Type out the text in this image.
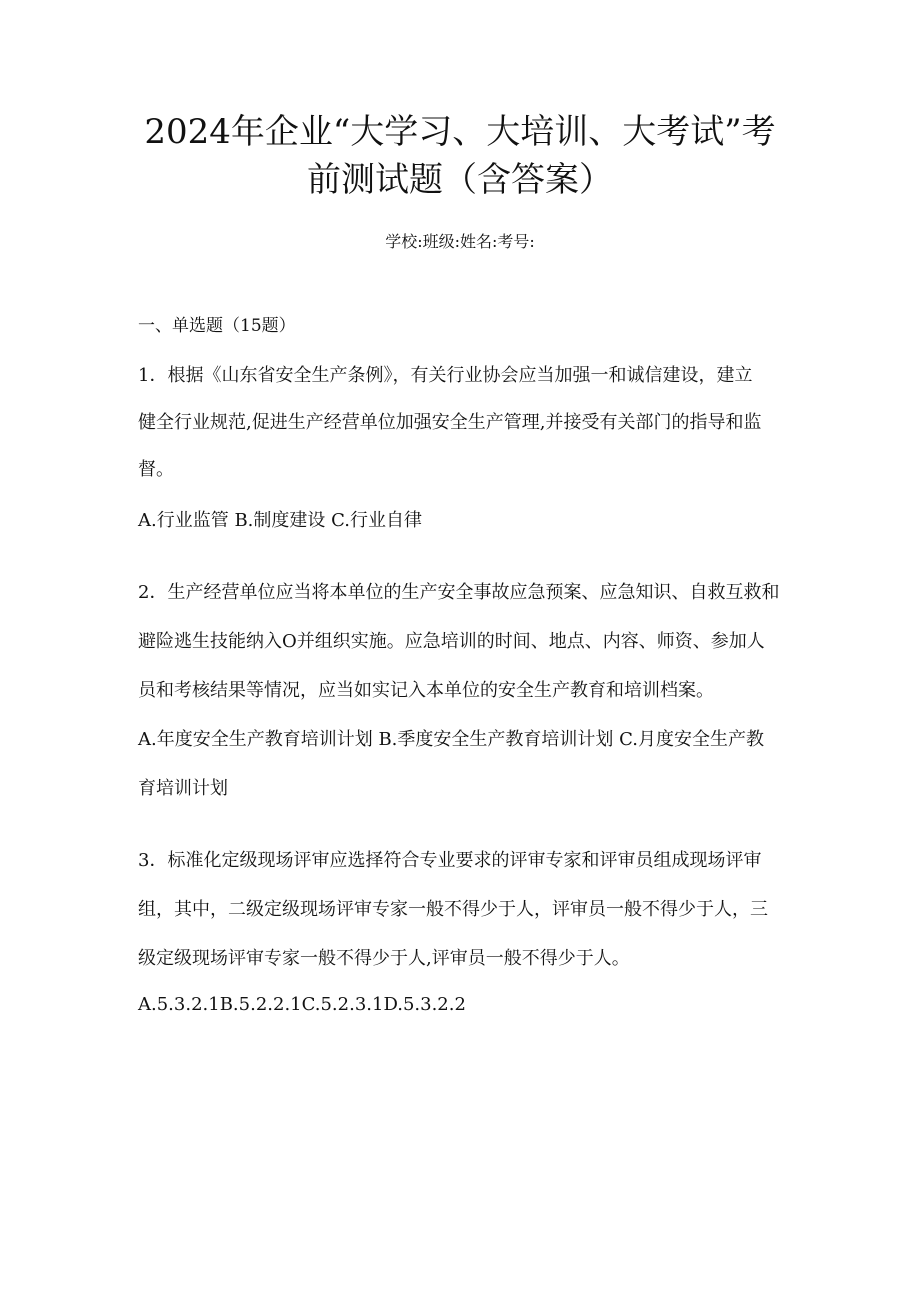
2024年企业“大学习、大培训、大考试”考
前测试题（含答案）
学校:班级:姓名:考号:
一、单选题（15题）
1．根据《山东省安全生产条例》，有关行业协会应当加强一和诚信建设，建立
健全行业规范,促进生产经营单位加强安全生产管理,并接受有关部门的指导和监
督。
A.行业监管 B.制度建设 C.行业自律
2．生产经营单位应当将本单位的生产安全事故应急预案、应急知识、自救互救和
避险逃生技能纳入O并组织实施。应急培训的时间、地点、内容、师资、参加人
员和考核结果等情况，应当如实记入本单位的安全生产教育和培训档案。
A.年度安全生产教育培训计划 B.季度安全生产教育培训计划 C.月度安全生产教
育培训计划
3．标准化定级现场评审应选择符合专业要求的评审专家和评审员组成现场评审
组，其中，二级定级现场评审专家一般不得少于人，评审员一般不得少于人，三
级定级现场评审专家一般不得少于人,评审员一般不得少于人。
A.5.3.2.1B.5.2.2.1C.5.2.3.1D.5.3.2.2
